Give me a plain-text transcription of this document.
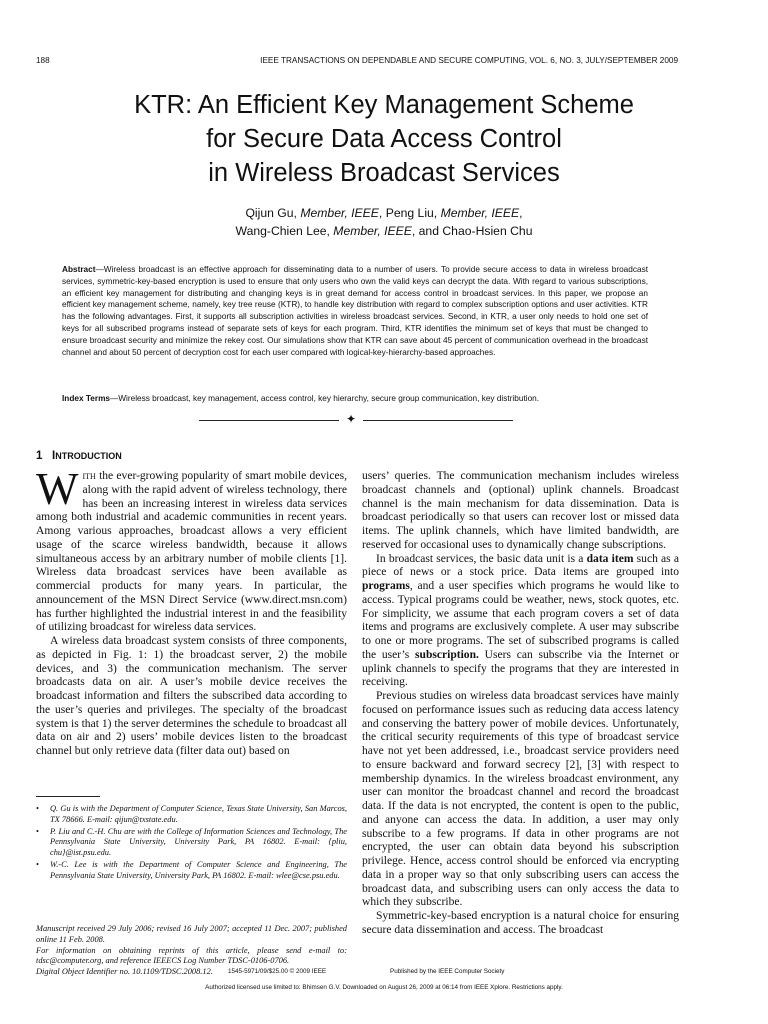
188	IEEE TRANSACTIONS ON DEPENDABLE AND SECURE COMPUTING, VOL. 6, NO. 3, JULY/SEPTEMBER 2009
KTR: An Efficient Key Management Scheme
for Secure Data Access Control
in Wireless Broadcast Services
Qijun Gu, Member, IEEE, Peng Liu, Member, IEEE,
Wang-Chien Lee, Member, IEEE, and Chao-Hsien Chu
Abstract—Wireless broadcast is an effective approach for disseminating data to a number of users. To provide secure access to data in wireless broadcast services, symmetric-key-based encryption is used to ensure that only users who own the valid keys can decrypt the data. With regard to various subscriptions, an efficient key management for distributing and changing keys is in great demand for access control in broadcast services. In this paper, we propose an efficient key management scheme, namely, key tree reuse (KTR), to handle key distribution with regard to complex subscription options and user activities. KTR has the following advantages. First, it supports all subscription activities in wireless broadcast services. Second, in KTR, a user only needs to hold one set of keys for all subscribed programs instead of separate sets of keys for each program. Third, KTR identifies the minimum set of keys that must be changed to ensure broadcast security and minimize the rekey cost. Our simulations show that KTR can save about 45 percent of communication overhead in the broadcast channel and about 50 percent of decryption cost for each user compared with logical-key-hierarchy-based approaches.
Index Terms—Wireless broadcast, key management, access control, key hierarchy, secure group communication, key distribution.
✦
1 INTRODUCTION

With the ever-growing popularity of smart mobile devices, along with the rapid advent of wireless technology, there has been an increasing interest in wireless data services among both industrial and academic communities in recent years. Among various approaches, broadcast allows a very efficient usage of the scarce wireless bandwidth, because it allows simultaneous access by an arbitrary number of mobile clients [1]. Wireless data broadcast services have been available as commercial products for many years. In particular, the announcement of the MSN Direct Service (www.direct.msn.com) has further highlighted the industrial interest in and the feasibility of utilizing broadcast for wireless data services.

A wireless data broadcast system consists of three components, as depicted in Fig. 1: 1) the broadcast server, 2) the mobile devices, and 3) the communication mechanism. The server broadcasts data on air. A user’s mobile device receives the broadcast information and filters the subscribed data according to the user’s queries and privileges. The specialty of the broadcast system is that 1) the server determines the schedule to broadcast all data on air and 2) users’ mobile devices listen to the broadcast channel but only retrieve data (filter data out) based on

•	Q. Gu is with the Department of Computer Science, Texas State University, San Marcos, TX 78666. E-mail: qijun@txstate.edu.
•	P. Liu and C.-H. Chu are with the College of Information Sciences and Technology, The Pennsylvania State University, University Park, PA 16802. E-mail: {pliu, chu}@ist.psu.edu.
•	W.-C. Lee is with the Department of Computer Science and Engineering, The Pennsylvania State University, University Park, PA 16802. E-mail: wlee@cse.psu.edu.
Manuscript received 29 July 2006; revised 16 July 2007; accepted 11 Dec. 2007; published online 11 Feb. 2008.
For information on obtaining reprints of this article, please send e-mail to: tdsc@computer.org, and reference IEEECS Log Number TDSC-0106-0706.
Digital Object Identifier no. 10.1109/TDSC.2008.12.

users’ queries. The communication mechanism includes wireless broadcast channels and (optional) uplink channels. Broadcast channel is the main mechanism for data dissemination. Data is broadcast periodically so that users can recover lost or missed data items. The uplink channels, which have limited bandwidth, are reserved for occasional uses to dynamically change subscriptions.

In broadcast services, the basic data unit is a data item such as a piece of news or a stock price. Data items are grouped into programs, and a user specifies which programs he would like to access. Typical programs could be weather, news, stock quotes, etc. For simplicity, we assume that each program covers a set of data items and programs are exclusively complete. A user may subscribe to one or more programs. The set of subscribed programs is called the user’s subscription. Users can subscribe via the Internet or uplink channels to specify the programs that they are interested in receiving.

Previous studies on wireless data broadcast services have mainly focused on performance issues such as reducing data access latency and conserving the battery power of mobile devices. Unfortunately, the critical security requirements of this type of broadcast service have not yet been addressed, i.e., broadcast service providers need to ensure backward and forward secrecy [2], [3] with respect to membership dynamics. In the wireless broadcast environment, any user can monitor the broadcast channel and record the broadcast data. If the data is not encrypted, the content is open to the public, and anyone can access the data. In addition, a user may only subscribe to a few programs. If data in other programs are not encrypted, the user can obtain data beyond his subscription privilege. Hence, access control should be enforced via encrypting data in a proper way so that only subscribing users can access the broadcast data, and subscribing users can only access the data to which they subscribe.

Symmetric-key-based encryption is a natural choice for ensuring secure data dissemination and access. The broadcast

1545-5971/09/$25.00 © 2009 IEEE	Published by the IEEE Computer Society
Authorized licensed use limited to: Bhimsen G.V. Downloaded on August 26, 2009 at 06:14 from IEEE Xplore. Restrictions apply.
